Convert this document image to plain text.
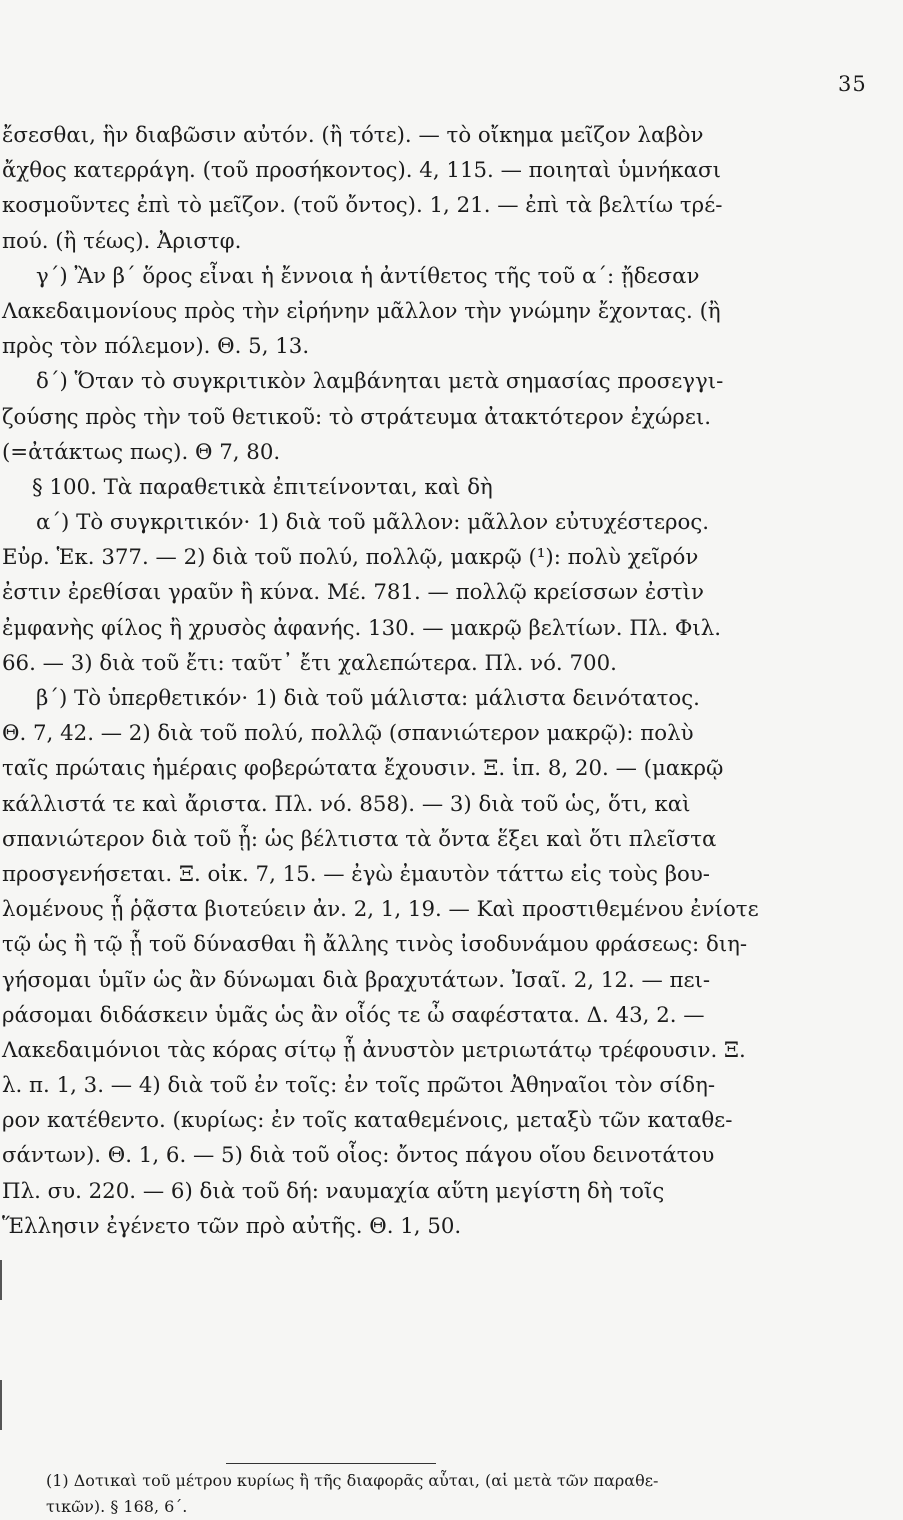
35
ἔσεσθαι, ἣν διαβῶσιν αὐτόν. (ἢ τότε). — τὸ οἴκημα μεῖζον λαβὸν
ἄχθος κατερράγη. (τοῦ προσήκοντος). 4, 115. — ποιηταὶ ὑμνήκασι
κοσμοῦντες ἐπὶ τὸ μεῖζον. (τοῦ ὄντος). 1, 21. — ἐπὶ τὰ βελτίω τρέ-
πού. (ἢ τέως). Ἀριστφ.
γ΄) Ἂν β΄ ὅρος εἶναι ἡ ἔννοια ἡ ἀντίθετος τῆς τοῦ α΄: ᾔδεσαν
Λακεδαιμονίους πρὸς τὴν εἰρήνην μᾶλλον τὴν γνώμην ἔχοντας. (ἢ
πρὸς τὸν πόλεμον). Θ. 5, 13.
δ΄) Ὅταν τὸ συγκριτικὸν λαμβάνηται μετὰ σημασίας προσεγγι-
ζούσης πρὸς τὴν τοῦ θετικοῦ: τὸ στράτευμα ἀτακτότερον ἐχώρει.
(=ἀτάκτως πως). Θ 7, 80.
§ 100. Τὰ παραθετικὰ ἐπιτείνονται, καὶ δὴ
α΄) Τὸ συγκριτικόν· 1) διὰ τοῦ μᾶλλον: μᾶλλον εὐτυχέστερος.
Εὐρ. Ἑκ. 377. — 2) διὰ τοῦ πολύ, πολλῷ, μακρῷ (¹): πολὺ χεῖρόν
ἐστιν ἐρεθίσαι γραῦν ἢ κύνα. Μέ. 781. — πολλῷ κρείσσων ἐστὶν
ἐμφανὴς φίλος ἢ χρυσὸς ἀφανής. 130. — μακρῷ βελτίων. Πλ. Φιλ.
66. — 3) διὰ τοῦ ἔτι: ταῦτ᾽ ἔτι χαλεπώτερα. Πλ. νό. 700.
β΄) Τὸ ὑπερθετικόν· 1) διὰ τοῦ μάλιστα: μάλιστα δεινότατος.
Θ. 7, 42. — 2) διὰ τοῦ πολύ, πολλῷ (σπανιώτερον μακρῷ): πολὺ
ταῖς πρώταις ἡμέραις φοβερώτατα ἔχουσιν. Ξ. ἱπ. 8, 20. — (μακρῷ
κάλλιστά τε καὶ ἄριστα. Πλ. νό. 858). — 3) διὰ τοῦ ὡς, ὅτι, καὶ
σπανιώτερον διὰ τοῦ ᾗ: ὡς βέλτιστα τὰ ὄντα ἕξει καὶ ὅτι πλεῖστα
προσγενήσεται. Ξ. οἰκ. 7, 15. — ἐγὼ ἐμαυτὸν τάττω εἰς τοὺς βου-
λομένους ᾗ ῥᾷστα βιοτεύειν ἀν. 2, 1, 19. — Καὶ προστιθεμένου ἐνίοτε
τῷ ὡς ἢ τῷ ᾗ τοῦ δύνασθαι ἢ ἄλλης τινὸς ἰσοδυνάμου φράσεως: διη-
γήσομαι ὑμῖν ὡς ἂν δύνωμαι διὰ βραχυτάτων. Ἰσαῖ. 2, 12. — πει-
ράσομαι διδάσκειν ὑμᾶς ὡς ἂν οἷός τε ὦ σαφέστατα. Δ. 43, 2. —
Λακεδαιμόνιοι τὰς κόρας σίτῳ ᾗ ἀνυστὸν μετριωτάτῳ τρέφουσιν. Ξ.
λ. π. 1, 3. — 4) διὰ τοῦ ἐν τοῖς: ἐν τοῖς πρῶτοι Ἀθηναῖοι τὸν σίδη-
ρον κατέθεντο. (κυρίως: ἐν τοῖς καταθεμένοις, μεταξὺ τῶν καταθε-
σάντων). Θ. 1, 6. — 5) διὰ τοῦ οἷος: ὄντος πάγου οἵου δεινοτάτου
Πλ. συ. 220. — 6) διὰ τοῦ δή: ναυμαχία αὕτη μεγίστη δὴ τοῖς
Ἕλλησιν ἐγένετο τῶν πρὸ αὐτῆς. Θ. 1, 50.
(1) Δοτικαὶ τοῦ μέτρου κυρίως ἢ τῆς διαφορᾶς αὗται, (αἱ μετὰ τῶν παραθε-
τικῶν). § 168, 6΄.
